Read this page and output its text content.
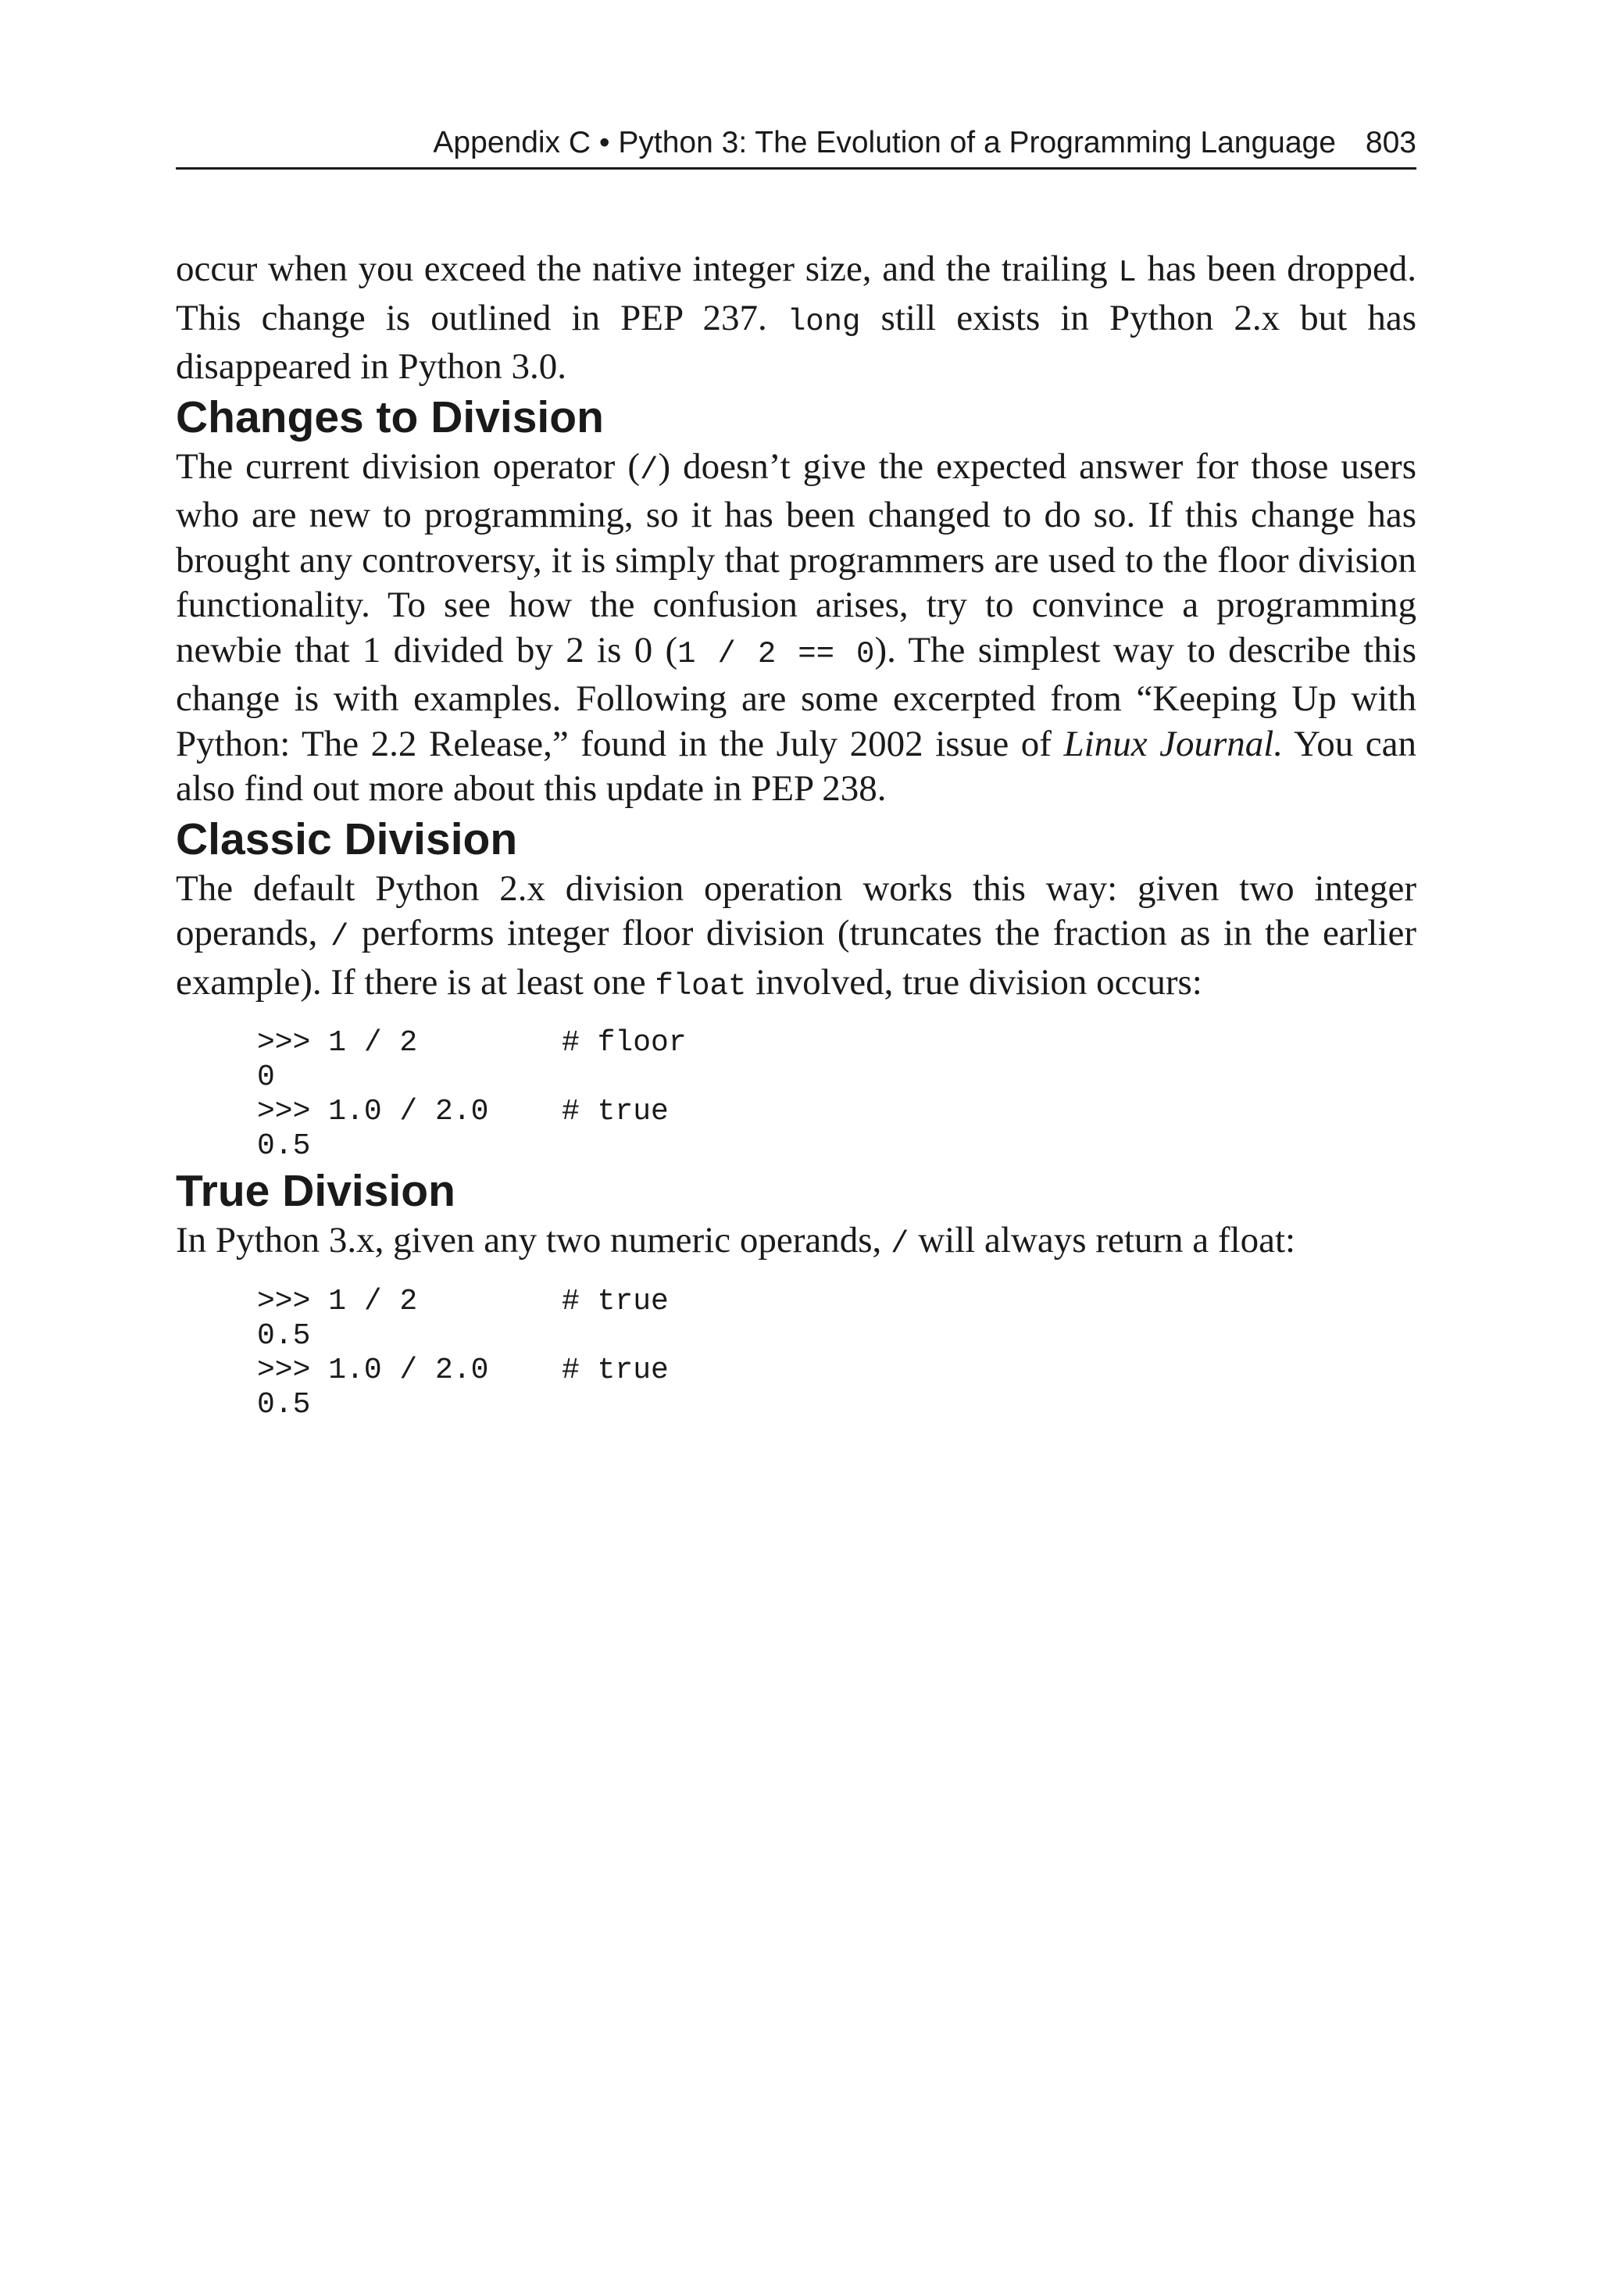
Appendix C • Python 3: The Evolution of a Programming Language 803

occur when you exceed the native integer size, and the trailing L has been dropped. This change is outlined in PEP 237. long still exists in Python 2.x but has disappeared in Python 3.0.

Changes to Division

The current division operator (/) doesn’t give the expected answer for those users who are new to programming, so it has been changed to do so. If this change has brought any controversy, it is simply that programmers are used to the floor division functionality. To see how the confusion arises, try to convince a programming newbie that 1 divided by 2 is 0 (1 / 2 == 0). The simplest way to describe this change is with examples. Following are some excerpted from “Keeping Up with Python: The 2.2 Release,” found in the July 2002 issue of Linux Journal. You can also find out more about this update in PEP 238.

Classic Division

The default Python 2.x division operation works this way: given two integer operands, / performs integer floor division (truncates the fraction as in the earlier example). If there is at least one float involved, true division occurs:

>>> 1 / 2	# floor
0
>>> 1.0 / 2.0 # true
0.5
True Division

In Python 3.x, given any two numeric operands, / will always return a float:

>>> 1 / 2	# true
0.5
>>> 1.0 / 2.0 # true
0.5
